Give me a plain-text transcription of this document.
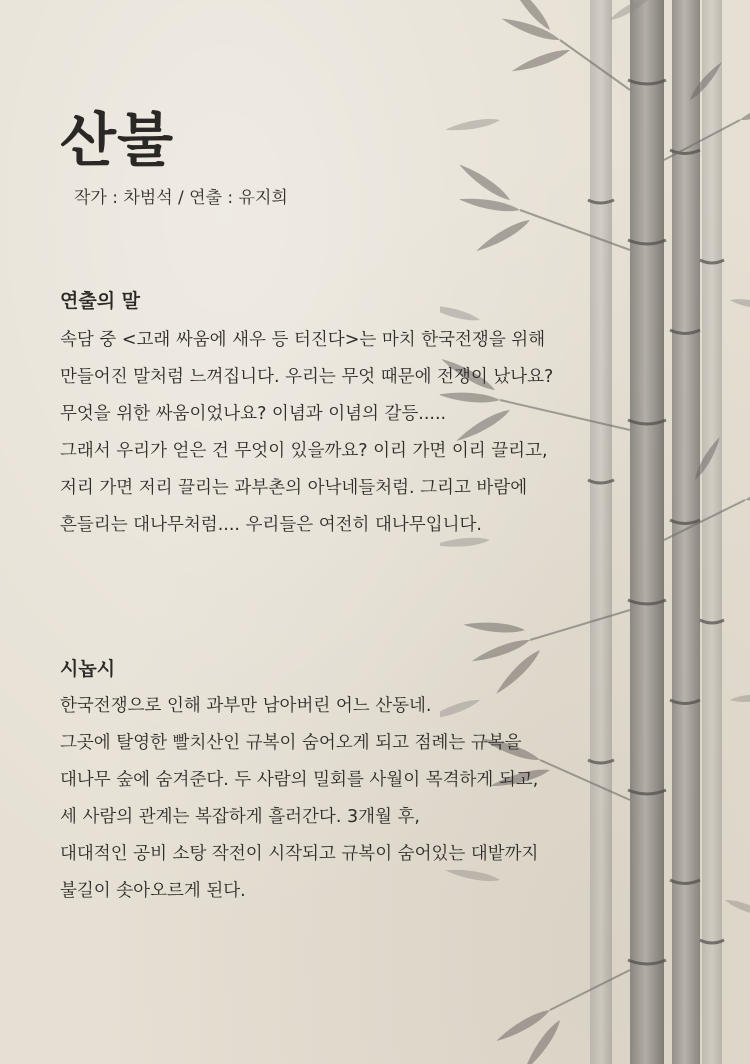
산불
작가 : 차범석 / 연출 : 유지희
연출의 말
속담 중 <고래 싸움에 새우 등 터진다>는 마치 한국전쟁을 위해
만들어진 말처럼 느껴집니다. 우리는 무엇 때문에 전쟁이 났나요?
무엇을 위한 싸움이었나요? 이념과 이념의 갈등.....
그래서 우리가 얻은 건 무엇이 있을까요? 이리 가면 이리 끌리고,
저리 가면 저리 끌리는 과부촌의 아낙네들처럼. 그리고 바람에
흔들리는 대나무처럼.... 우리들은 여전히 대나무입니다.
시놉시
한국전쟁으로 인해 과부만 남아버린 어느 산동네.
그곳에 탈영한 빨치산인 규복이 숨어오게 되고 점례는 규복을
대나무 숲에 숨겨준다. 두 사람의 밀회를 사월이 목격하게 되고,
세 사람의 관계는 복잡하게 흘러간다. 3개월 후,
대대적인 공비 소탕 작전이 시작되고 규복이 숨어있는 대밭까지
불길이 솟아오르게 된다.
